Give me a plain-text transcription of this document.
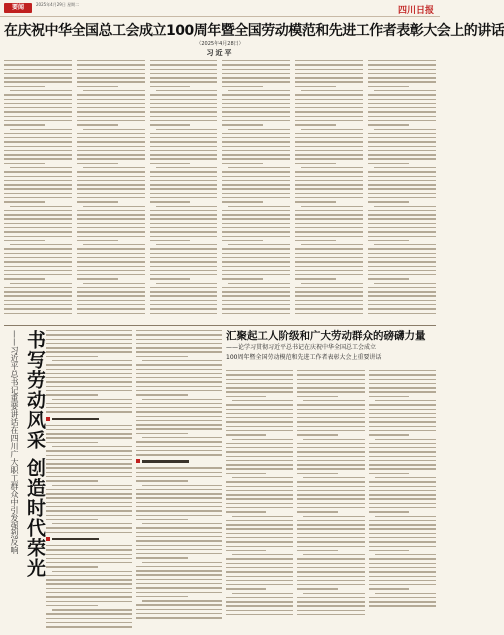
要闻	2025年4月29日 星期二
四川日报
在庆祝中华全国总工会成立100周年暨全国劳动模范和先进工作者表彰大会上的讲话
（2025年4月28日）
习近平
——习近平总书记重要讲话在四川广大职工群众中引发强烈反响 书写劳动风采 创造时代荣光	汇聚起工人阶级和广大劳动群众的磅礴力量
——论学习贯彻习近平总书记在庆祝中华全国总工会成立
100周年暨全国劳动模范和先进工作者表彰大会上重要讲话
